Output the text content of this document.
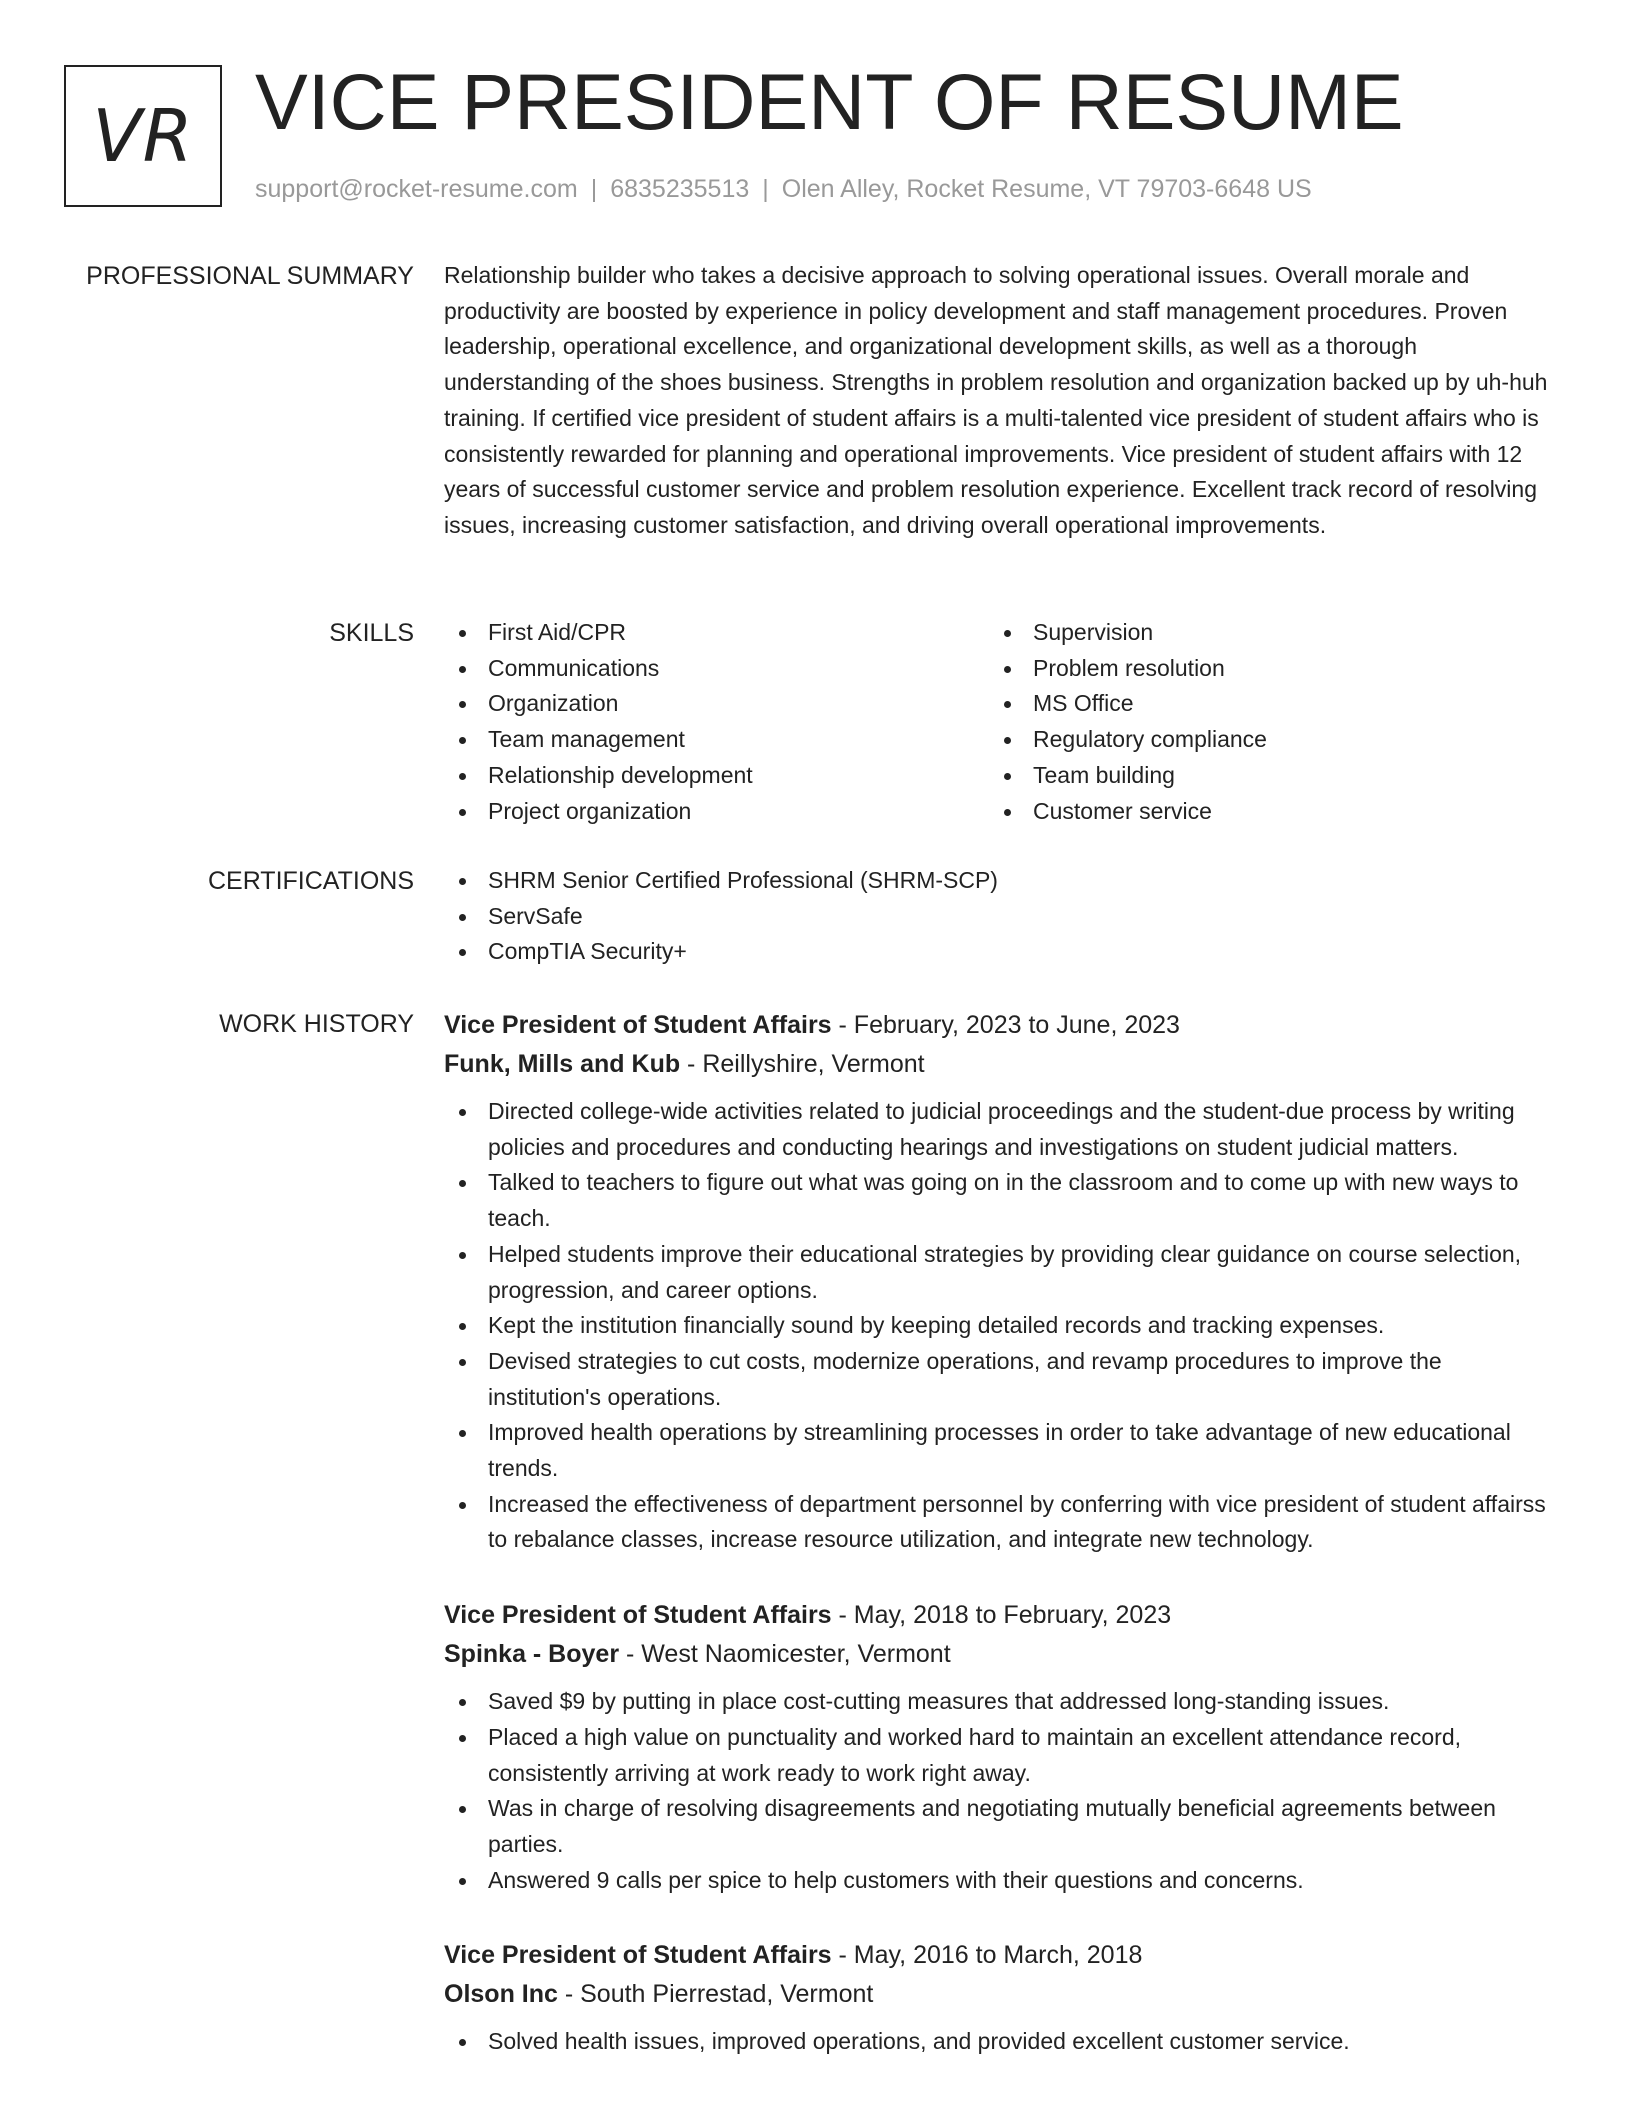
VR VICE PRESIDENT OF RESUME
support@rocket-resume.com | 6835235513 | Olen Alley, Rocket Resume, VT 79703-6648 US
PROFESSIONAL SUMMARY Relationship builder who takes a decisive approach to solving operational issues. Overall morale and productivity are boosted by experience in policy development and staff management procedures. Proven leadership, operational excellence, and organizational development skills, as well as a thorough understanding of the shoes business. Strengths in problem resolution and organization backed up by uh-huh training. If certified vice president of student affairs is a multi-talented vice president of student affairs who is consistently rewarded for planning and operational improvements. Vice president of student affairs with 12 years of successful customer service and problem resolution experience. Excellent track record of resolving issues, increasing customer satisfaction, and driving overall operational improvements.

SKILLS	First Aid/CPR
Communications
Organization
Team management
Relationship development
Project organization
Supervision
Problem resolution
MS Office
Regulatory compliance
Team building
Customer service
CERTIFICATIONS	SHRM Senior Certified Professional (SHRM-SCP)
ServSafe
CompTIA Security+
WORK HISTORY Vice President of Student Affairs - February, 2023 to June, 2023
Funk, Mills and Kub - Reillyshire, Vermont
Directed college-wide activities related to judicial proceedings and the student-due process by writing policies and procedures and conducting hearings and investigations on student judicial matters.
Talked to teachers to figure out what was going on in the classroom and to come up with new ways to teach.
Helped students improve their educational strategies by providing clear guidance on course selection, progression, and career options.
Kept the institution financially sound by keeping detailed records and tracking expenses.
Devised strategies to cut costs, modernize operations, and revamp procedures to improve the institution's operations.
Improved health operations by streamlining processes in order to take advantage of new educational trends.
Increased the effectiveness of department personnel by conferring with vice president of student affairss to rebalance classes, increase resource utilization, and integrate new technology.
Vice President of Student Affairs - May, 2018 to February, 2023
Spinka - Boyer - West Naomicester, Vermont
Saved $9 by putting in place cost-cutting measures that addressed long-standing issues.
Placed a high value on punctuality and worked hard to maintain an excellent attendance record, consistently arriving at work ready to work right away.
Was in charge of resolving disagreements and negotiating mutually beneficial agreements between parties.
Answered 9 calls per spice to help customers with their questions and concerns.
Vice President of Student Affairs - May, 2016 to March, 2018
Olson Inc - South Pierrestad, Vermont
Solved health issues, improved operations, and provided excellent customer service.
